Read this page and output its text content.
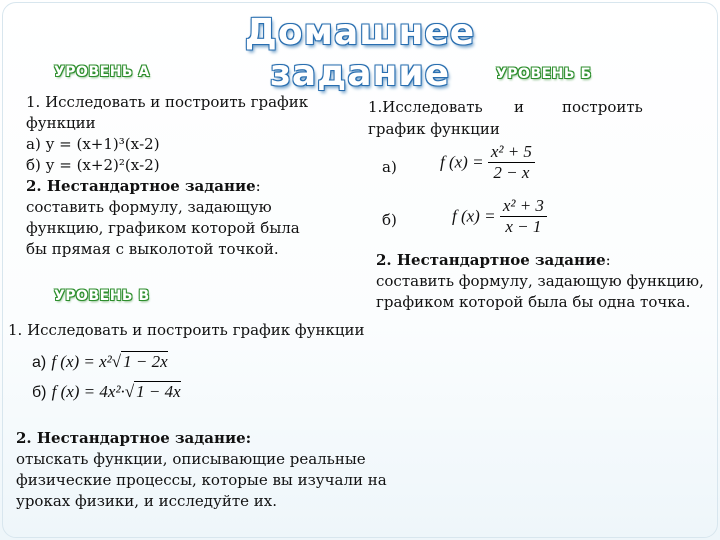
Домашнее задание
УРОВЕНЬ А
1. Исследовать и построить график
функции
а) у = (х+1)³(х-2)
б) у = (х+2)²(х-2)
2. Нестандартное задание:
составить формулу, задающую
функцию, графиком которой была
бы прямая с выколотой точкой.
УРОВЕНЬ Б
1.Исследовать и	построить
график функции
а)	f $(x) = \frac{\text{x² + 5}}{2 - x}$
б)	f $(x) = \frac{\text{x² + 3}}{x - 1}$
2. Нестандартное задание:
составить формулу, задающую функцию,
графиком которой была бы одна точка.
УРОВЕНЬ В
1. Исследовать и построить график функции
а) f (x) = x²√ 1 − 2x
б) f (x) = 4x²·√ 1 − 4x
2. Нестандартное задание:
отыскать функции, описывающие реальные
физические процессы, которые вы изучали на
уроках физики, и исследуйте их.
